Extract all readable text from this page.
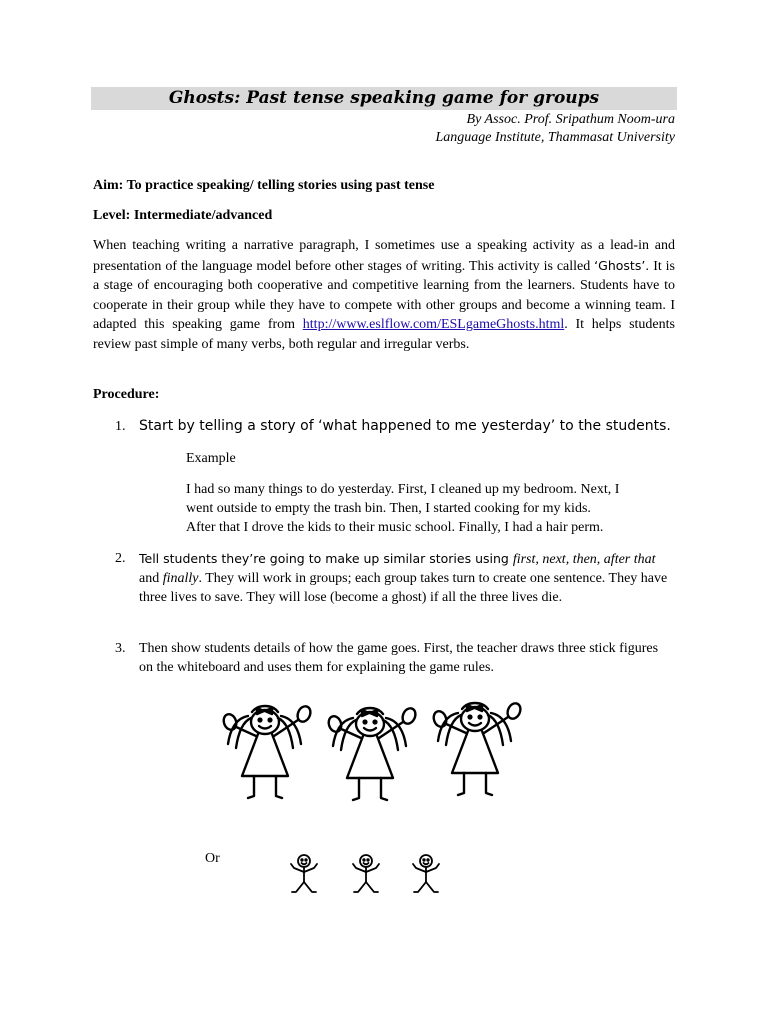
Ghosts: Past tense speaking game for groups
By Assoc. Prof. Sripathum Noom-ura
Language Institute, Thammasat University
Aim: To practice speaking/ telling stories using past tense
Level: Intermediate/advanced
When teaching writing a narrative paragraph, I sometimes use a speaking activity as a lead-in and presentation of the language model before other stages of writing. This activity is called ‘Ghosts’. It is a stage of encouraging both cooperative and competitive learning from the learners. Students have to cooperate in their group while they have to compete with other groups and become a winning team. I adapted this speaking game from http://www.eslflow.com/ESLgameGhosts.html. It helps students review past simple of many verbs, both regular and irregular verbs.
Procedure:
1. Start by telling a story of ‘what happened to me yesterday’ to the students.
Example
I had so many things to do yesterday. First, I cleaned up my bedroom. Next, I
went outside to empty the trash bin. Then, I started cooking for my kids.
After that I drove the kids to their music school. Finally, I had a hair perm.
2. Tell students they’re going to make up similar stories using first, next, then, after that and finally. They will work in groups; each group takes turn to create one sentence. They have three lives to save. They will lose (become a ghost) if all the three lives die.
3. Then show students details of how the game goes. First, the teacher draws three stick figures on the whiteboard and uses them for explaining the game rules.
Or
